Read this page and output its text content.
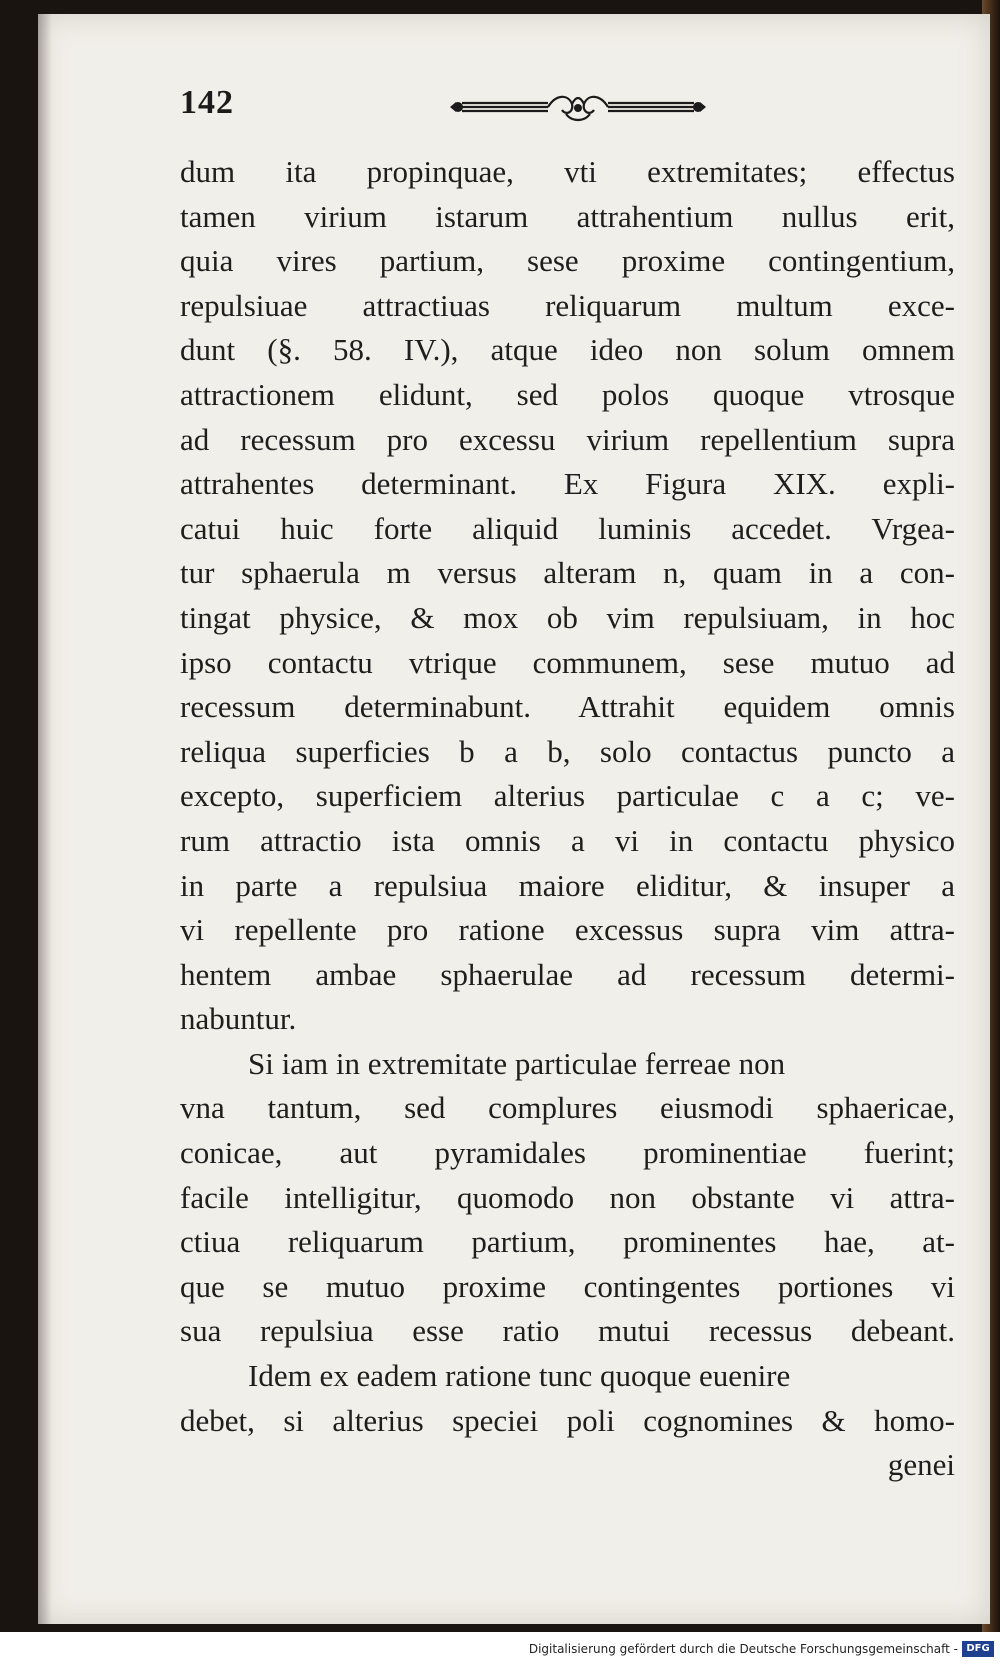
142
dum ita propinquae, vti extremitates; effectus
tamen virium istarum attrahentium nullus erit,
quia vires partium, sese proxime contingentium,
repulsiuae attractiuas reliquarum multum exce-
dunt (§. 58. IV.), atque ideo non solum omnem
attractionem elidunt, sed polos quoque vtrosque
ad recessum pro excessu virium repellentium supra
attrahentes determinant. Ex Figura XIX. expli-
catui huic forte aliquid luminis accedet. Vrgea-
tur sphaerula m versus alteram n, quam in a con-
tingat physice, & mox ob vim repulsiuam, in hoc
ipso contactu vtrique communem, sese mutuo ad
recessum determinabunt. Attrahit equidem omnis
reliqua superficies b a b, solo contactus puncto a
excepto, superficiem alterius particulae c a c; ve-
rum attractio ista omnis a vi in contactu physico
in parte a repulsiua maiore eliditur, & insuper a
vi repellente pro ratione excessus supra vim attra-
hentem ambae sphaerulae ad recessum determi-
nabuntur.
Si iam in extremitate particulae ferreae non
vna tantum, sed complures eiusmodi sphaericae,
conicae, aut pyramidales prominentiae fuerint;
facile intelligitur, quomodo non obstante vi attra-
ctiua reliquarum partium, prominentes hae, at-
que se mutuo proxime contingentes portiones vi
sua repulsiua esse ratio mutui recessus debeant.
Idem ex eadem ratione tunc quoque euenire
debet, si alterius speciei poli cognomines & homo-
genei
Digitalisierung gefördert durch die Deutsche Forschungsgemeinschaft - DFG
